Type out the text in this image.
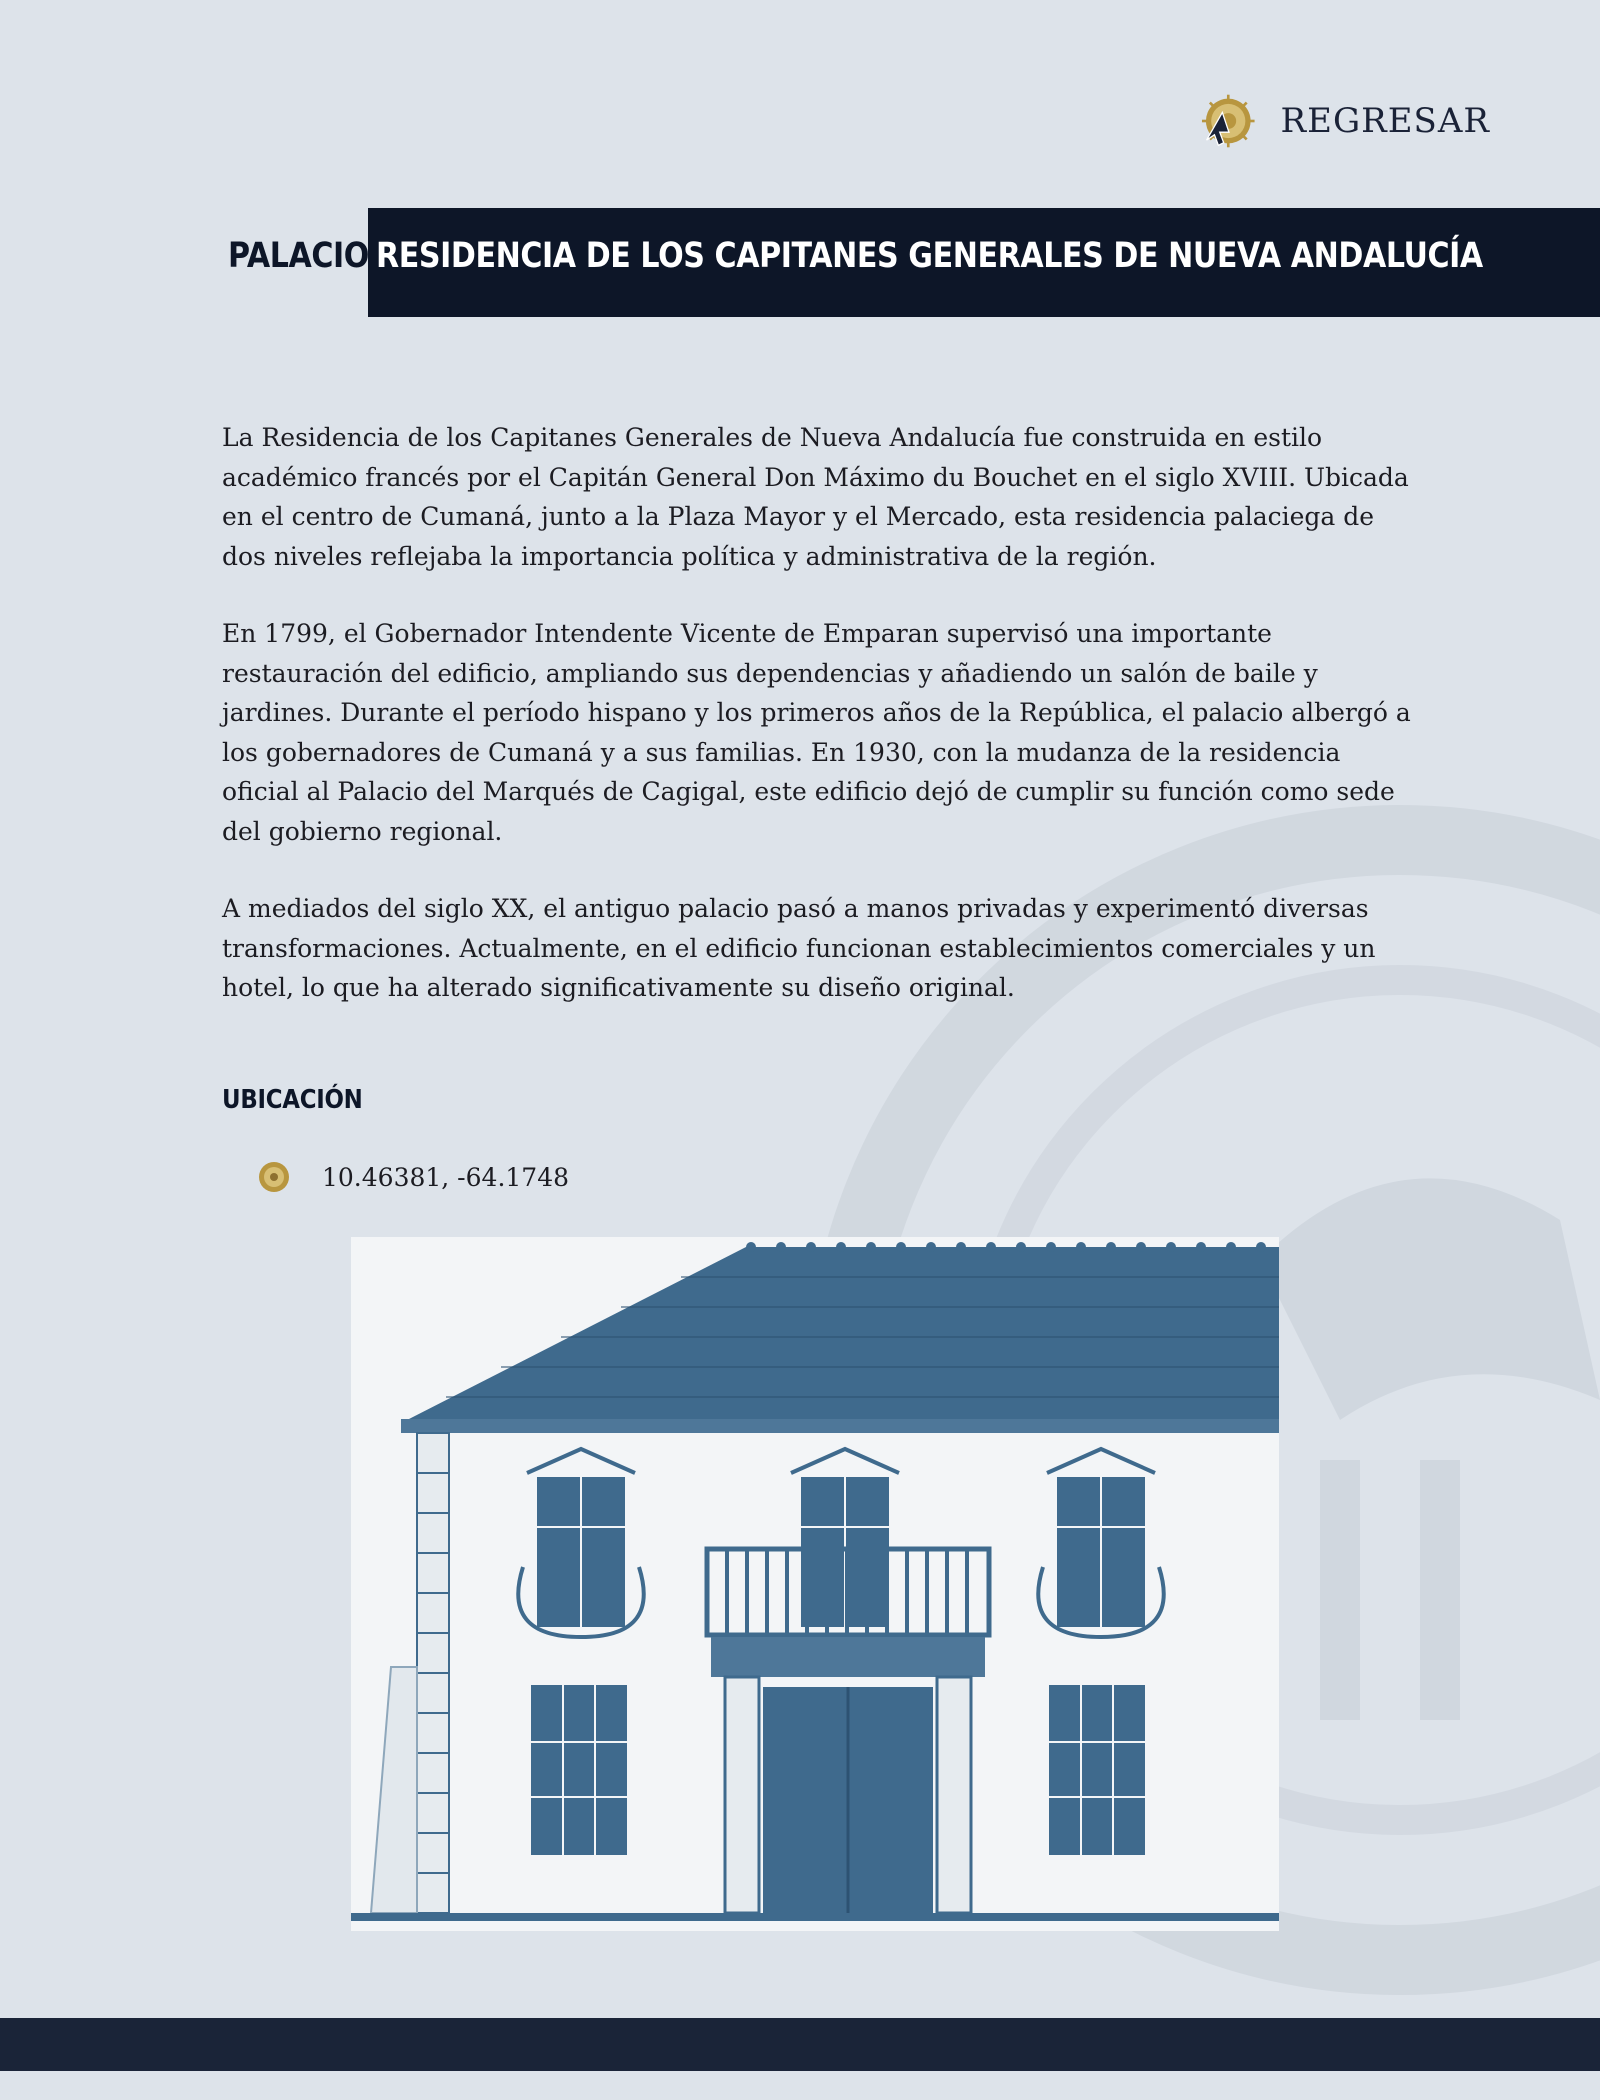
REGRESAR
PALACIO RESIDENCIA DE LOS CAPITANES GENERALES DE NUEVA ANDALUCÍA

La Residencia de los Capitanes Generales de Nueva Andalucía fue construida en estilo académico francés por el Capitán General Don Máximo du Bouchet en el siglo XVIII. Ubicada en el centro de Cumaná, junto a la Plaza Mayor y el Mercado, esta residencia palaciega de dos niveles reflejaba la importancia política y administrativa de la región.

En 1799, el Gobernador Intendente Vicente de Emparan supervisó una importante restauración del edificio, ampliando sus dependencias y añadiendo un salón de baile y jardines. Durante el período hispano y los primeros años de la República, el palacio albergó a los gobernadores de Cumaná y a sus familias. En 1930, con la mudanza de la residencia oficial al Palacio del Marqués de Cagigal, este edificio dejó de cumplir su función como sede del gobierno regional.

A mediados del siglo XX, el antiguo palacio pasó a manos privadas y experimentó diversas transformaciones. Actualmente, en el edificio funcionan establecimientos comerciales y un hotel, lo que ha alterado significativamente su diseño original.

UBICACIÓN
10.46381, -64.1748
